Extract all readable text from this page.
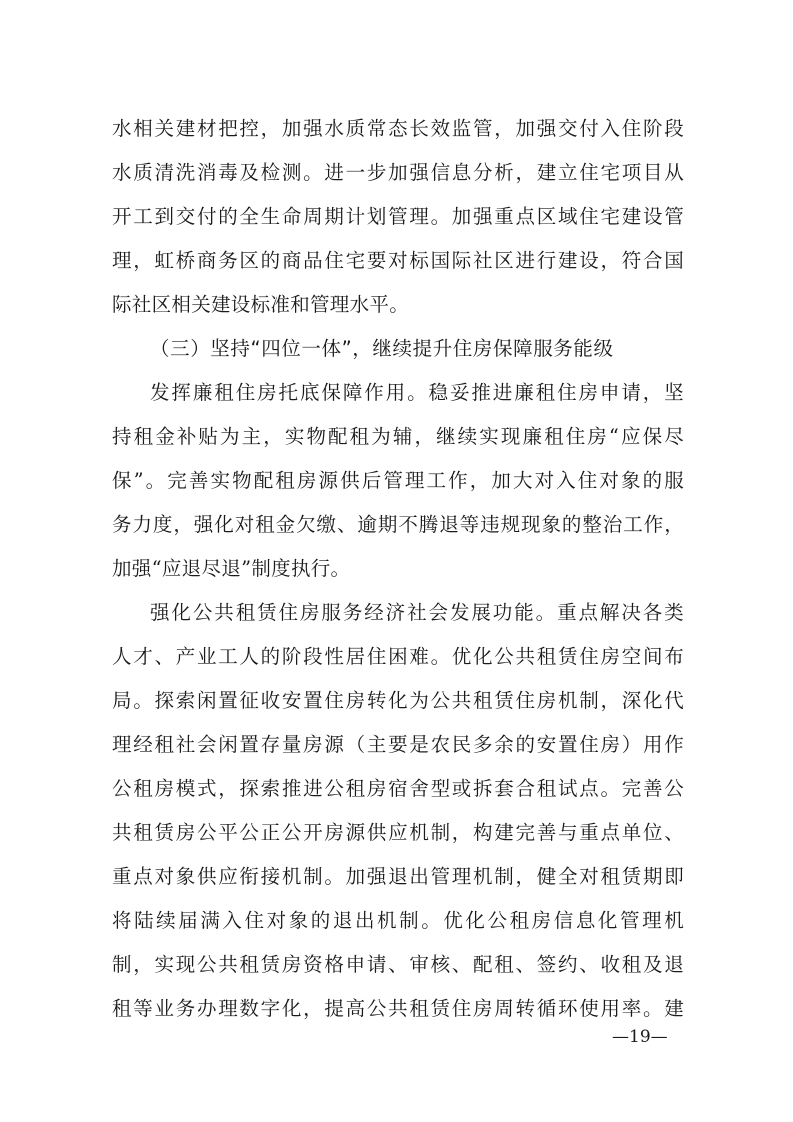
水相关建材把控，加强水质常态长效监管，加强交付入住阶段
水质清洗消毒及检测。进一步加强信息分析，建立住宅项目从
开工到交付的全生命周期计划管理。加强重点区域住宅建设管
理，虹桥商务区的商品住宅要对标国际社区进行建设，符合国
际社区相关建设标准和管理水平。
（三）坚持“四位一体”，继续提升住房保障服务能级
发挥廉租住房托底保障作用。稳妥推进廉租住房申请，坚
持租金补贴为主，实物配租为辅，继续实现廉租住房“应保尽
保”。完善实物配租房源供后管理工作，加大对入住对象的服
务力度，强化对租金欠缴、逾期不腾退等违规现象的整治工作，
加强“应退尽退”制度执行。
强化公共租赁住房服务经济社会发展功能。重点解决各类
人才、产业工人的阶段性居住困难。优化公共租赁住房空间布
局。探索闲置征收安置住房转化为公共租赁住房机制，深化代
理经租社会闲置存量房源（主要是农民多余的安置住房）用作
公租房模式，探索推进公租房宿舍型或拆套合租试点。完善公
共租赁房公平公正公开房源供应机制，构建完善与重点单位、
重点对象供应衔接机制。加强退出管理机制，健全对租赁期即
将陆续届满入住对象的退出机制。优化公租房信息化管理机
制，实现公共租赁房资格申请、审核、配租、签约、收租及退
租等业务办理数字化，提高公共租赁住房周转循环使用率。建
—19—
